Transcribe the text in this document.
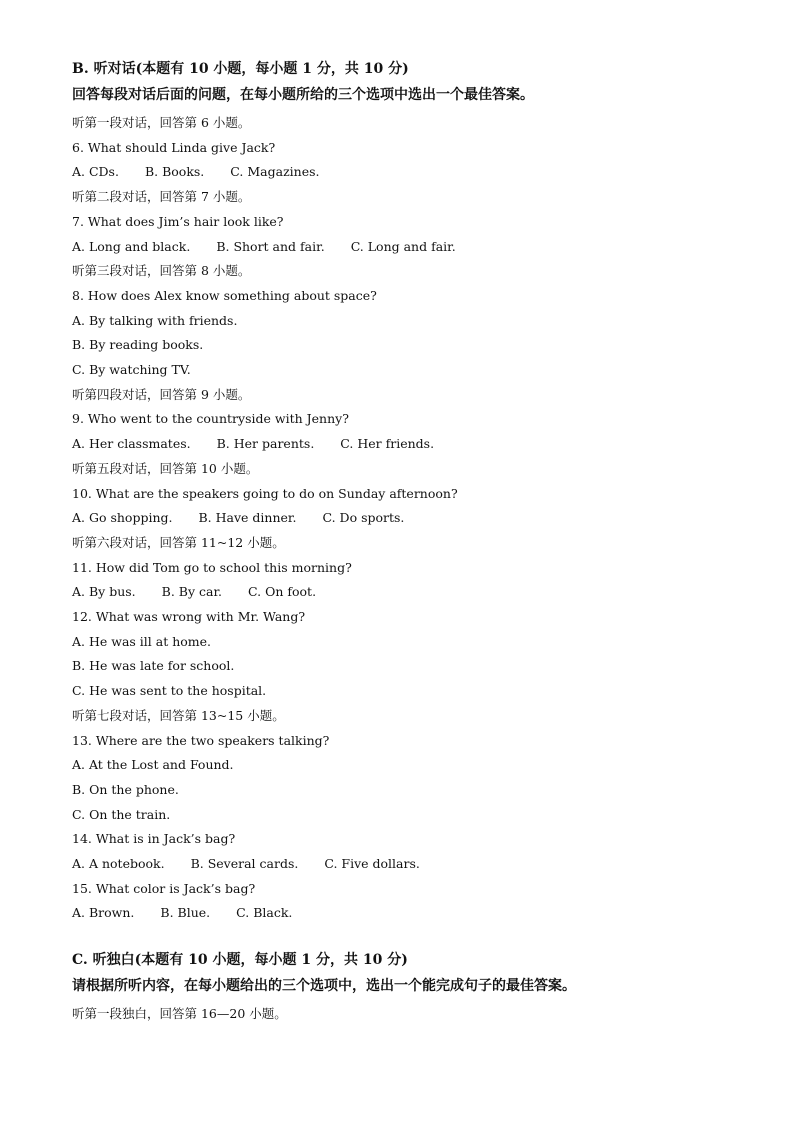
B. 听对话(本题有 10 小题，每小题 1 分，共 10 分)
回答每段对话后面的问题，在每小题所给的三个选项中选出一个最佳答案。
听第一段对话，回答第 6 小题。
6. What should Linda give Jack?
A. CDs. B. Books. C. Magazines.
听第二段对话，回答第 7 小题。
7. What does Jim’s hair look like?
A. Long and black. B. Short and fair. C. Long and fair.
听第三段对话，回答第 8 小题。
8. How does Alex know something about space?
A. By talking with friends.
B. By reading books.
C. By watching TV.
听第四段对话，回答第 9 小题。
9. Who went to the countryside with Jenny?
A. Her classmates. B. Her parents. C. Her friends.
听第五段对话，回答第 10 小题。
10. What are the speakers going to do on Sunday afternoon?
A. Go shopping. B. Have dinner. C. Do sports.
听第六段对话，回答第 11~12 小题。
11. How did Tom go to school this morning?
A. By bus. B. By car. C. On foot.
12. What was wrong with Mr. Wang?
A. He was ill at home.
B. He was late for school.
C. He was sent to the hospital.
听第七段对话，回答第 13~15 小题。
13. Where are the two speakers talking?
A. At the Lost and Found.
B. On the phone.
C. On the train.
14. What is in Jack’s bag?
A. A notebook. B. Several cards. C. Five dollars.
15. What color is Jack’s bag?
A. Brown. B. Blue. C. Black.
C. 听独白(本题有 10 小题，每小题 1 分，共 10 分)
请根据所听内容，在每小题给出的三个选项中，选出一个能完成句子的最佳答案。
听第一段独白，回答第 16—20 小题。
